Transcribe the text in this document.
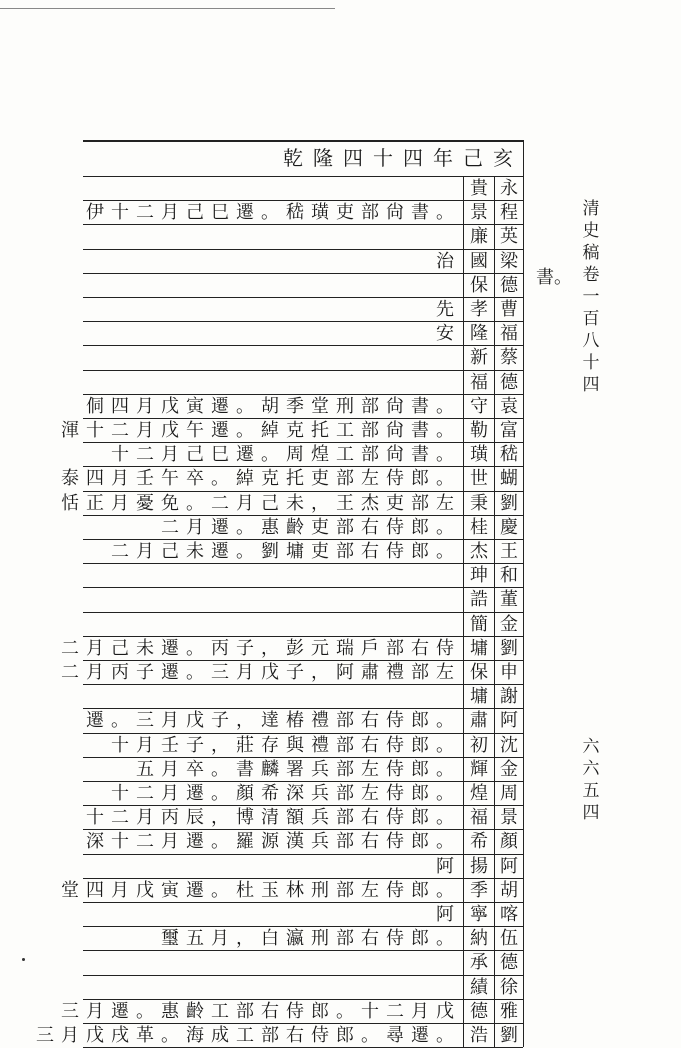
乾隆四十四年己亥
貴 永
伊十二月己巳遷。嵇璜吏部尙書。 景 程
廉 英
治 國 梁
保 德
先 孝 曹
安 隆 福
新 蔡
福 德
侗四月戊寅遷。胡季堂刑部尙書。 守 袁
渾十二月戊午遷。綽克托工部尙書。 勒 富
十二月己巳遷。周煌工部尙書。 璜 嵇
泰四月壬午卒。綽克托吏部左侍郎。 世 蝴
恬正月憂免。二月己未，王杰吏部左 秉 劉
二月遷。惠齡吏部右侍郎。 桂 慶
二月己未遷。劉墉吏部右侍郎。 杰 王
珅 和
誥 董
簡 金
二月己未遷。丙子，彭元瑞戶部右侍 墉 劉
二月丙子遷。三月戊子，阿肅禮部左 保 申
墉 謝
遷。三月戊子，達椿禮部右侍郎。 肅 阿
十月壬子，莊存與禮部右侍郎。 初 沈
五月卒。書麟署兵部左侍郎。 輝 金
十二月遷。顏希深兵部左侍郎。 煌 周
十二月丙辰，博清額兵部右侍郎。 福 景
深十二月遷。羅源漢兵部右侍郎。 希 顏
阿 揚 阿
堂四月戊寅遷。杜玉林刑部左侍郎。 季 胡
阿 寧 喀
璽五月，白瀛刑部右侍郎。 納 伍
承 德
績 徐
三月遷。惠齡工部右侍郎。十二月戊 德 雅
三月戊戌革。海成工部右侍郎。尋遷。 浩 劉
書。
清史稿卷一百八十四
六六五四
